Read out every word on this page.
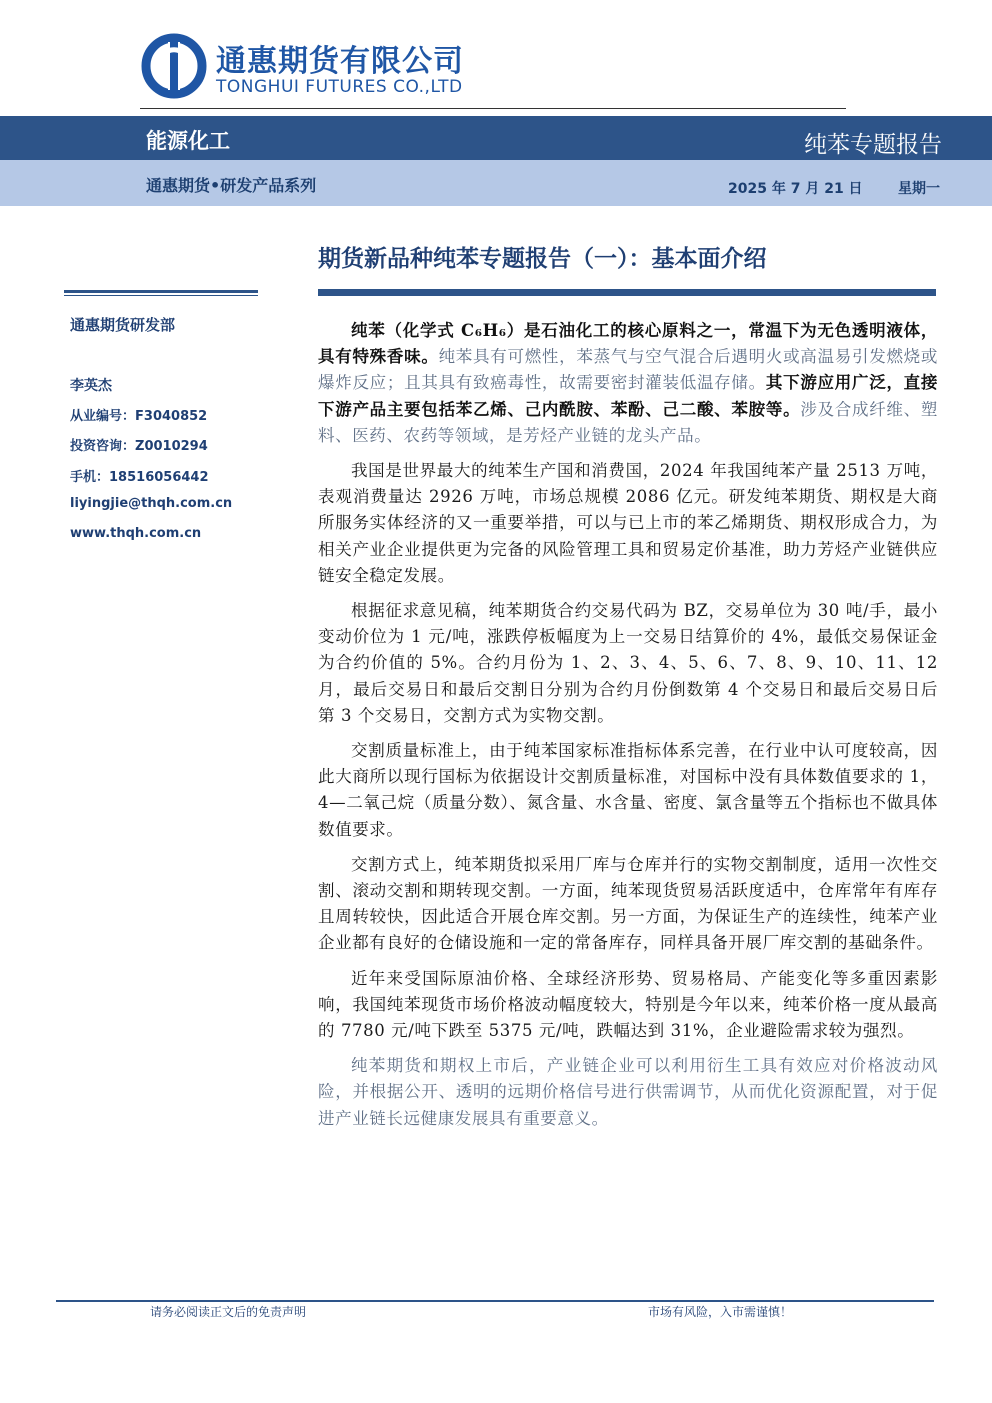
通惠期货有限公司
TONGHUI FUTURES CO.,LTD
能源化工	纯苯专题报告
通惠期货•研发产品系列	2025 年 7 月 21 日	星期一
期货新品种纯苯专题报告（一）：基本面介绍
通惠期货研发部
李英杰
从业编号：F3040852
投资咨询：Z0010294
手机：18516056442
liyingjie@thqh.com.cn
www.thqh.com.cn

纯苯（化学式 C₆H₆）是石油化工的核心原料之一，常温下为无色透明液体，具有特殊香味。纯苯具有可燃性，苯蒸气与空气混合后遇明火或高温易引发燃烧或爆炸反应；且其具有致癌毒性，故需要密封灌装低温存储。其下游应用广泛，直接下游产品主要包括苯乙烯、己内酰胺、苯酚、己二酸、苯胺等。涉及合成纤维、塑料、医药、农药等领域，是芳烃产业链的龙头产品。

我国是世界最大的纯苯生产国和消费国，2024 年我国纯苯产量 2513 万吨，表观消费量达 2926 万吨，市场总规模 2086 亿元。研发纯苯期货、期权是大商所服务实体经济的又一重要举措，可以与已上市的苯乙烯期货、期权形成合力，为相关产业企业提供更为完备的风险管理工具和贸易定价基准，助力芳烃产业链供应链安全稳定发展。

根据征求意见稿，纯苯期货合约交易代码为 BZ，交易单位为 30 吨/手，最小变动价位为 1 元/吨，涨跌停板幅度为上一交易日结算价的 4%，最低交易保证金为合约价值的 5%。合约月份为 1、2、3、4、5、6、7、8、9、10、11、12 月，最后交易日和最后交割日分别为合约月份倒数第 4 个交易日和最后交易日后第 3 个交易日，交割方式为实物交割。

交割质量标准上，由于纯苯国家标准指标体系完善，在行业中认可度较高，因此大商所以现行国标为依据设计交割质量标准，对国标中没有具体数值要求的 1，4—二氧己烷（质量分数）、氮含量、水含量、密度、氯含量等五个指标也不做具体数值要求。

交割方式上，纯苯期货拟采用厂库与仓库并行的实物交割制度，适用一次性交割、滚动交割和期转现交割。一方面，纯苯现货贸易活跃度适中，仓库常年有库存且周转较快，因此适合开展仓库交割。另一方面，为保证生产的连续性，纯苯产业企业都有良好的仓储设施和一定的常备库存，同样具备开展厂库交割的基础条件。

近年来受国际原油价格、全球经济形势、贸易格局、产能变化等多重因素影响，我国纯苯现货市场价格波动幅度较大，特别是今年以来，纯苯价格一度从最高的 7780 元/吨下跌至 5375 元/吨，跌幅达到 31%，企业避险需求较为强烈。

纯苯期货和期权上市后，产业链企业可以利用衍生工具有效应对价格波动风险，并根据公开、透明的远期价格信号进行供需调节，从而优化资源配置，对于促进产业链长远健康发展具有重要意义。

请务必阅读正文后的免责声明	市场有风险，入市需谨慎！
